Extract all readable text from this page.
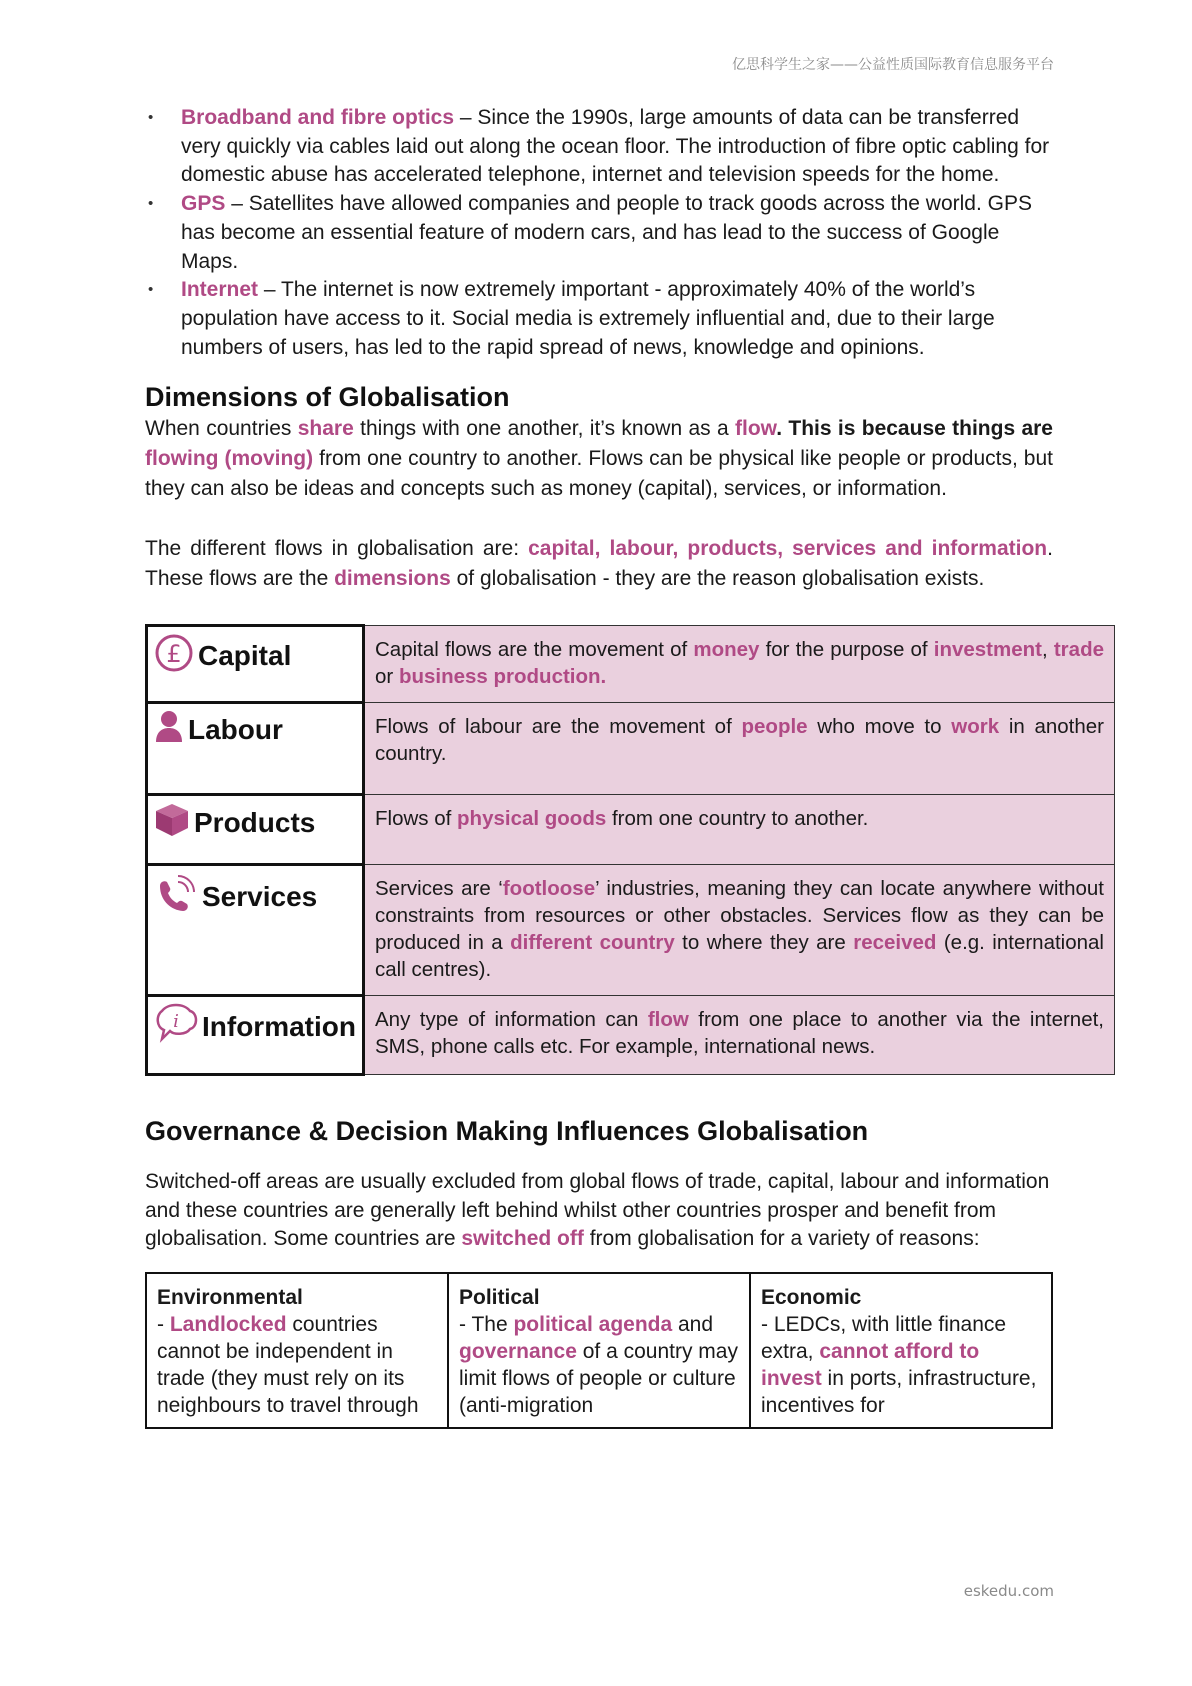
亿思科学生之家——公益性质国际教育信息服务平台
• Broadband and fibre optics – Since the 1990s, large amounts of data can be transferred very quickly via cables laid out along the ocean floor. The introduction of fibre optic cabling for domestic abuse has accelerated telephone, internet and television speeds for the home.
• GPS – Satellites have allowed companies and people to track goods across the world. GPS has become an essential feature of modern cars, and has lead to the success of Google Maps.
• Internet – The internet is now extremely important - approximately 40% of the world’s population have access to it. Social media is extremely influential and, due to their large numbers of users, has led to the rapid spread of news, knowledge and opinions.
Dimensions of Globalisation

When countries share things with one another, it’s known as a flow. This is because things are flowing (moving) from one country to another. Flows can be physical like people or products, but they can also be ideas and concepts such as money (capital), services, or information.

The different flows in globalisation are: capital, labour, products, services and information. These flows are the dimensions of globalisation - they are the reason globalisation exists.

£ Capital	Capital flows are the movement of money for the purpose of investment, trade or business production.

Labour	Flows of labour are the movement of people who move to work in another country.

Products	Flows of physical goods from one country to another.

Services	Services are ‘footloose’ industries, meaning they can locate anywhere without constraints from resources or other obstacles. Services flow as they can be produced in a different country to where they are received (e.g. international call centres).

i Information	Any type of information can flow from one place to another via the internet, SMS, phone calls etc. For example, international news.
Governance & Decision Making Influences Globalisation

Switched-off areas are usually excluded from global flows of trade, capital, labour and information and these countries are generally left behind whilst other countries prosper and benefit from globalisation. Some countries are switched off from globalisation for a variety of reasons:

Environmental
- Landlocked countries cannot be independent in trade (they must rely on its neighbours to travel through	
Political
- The political agenda and governance of a country may limit flows of people or culture (anti-migration	
Economic
- LEDCs, with little finance extra, cannot afford to invest in ports, infrastructure, incentives for
eskedu.com
